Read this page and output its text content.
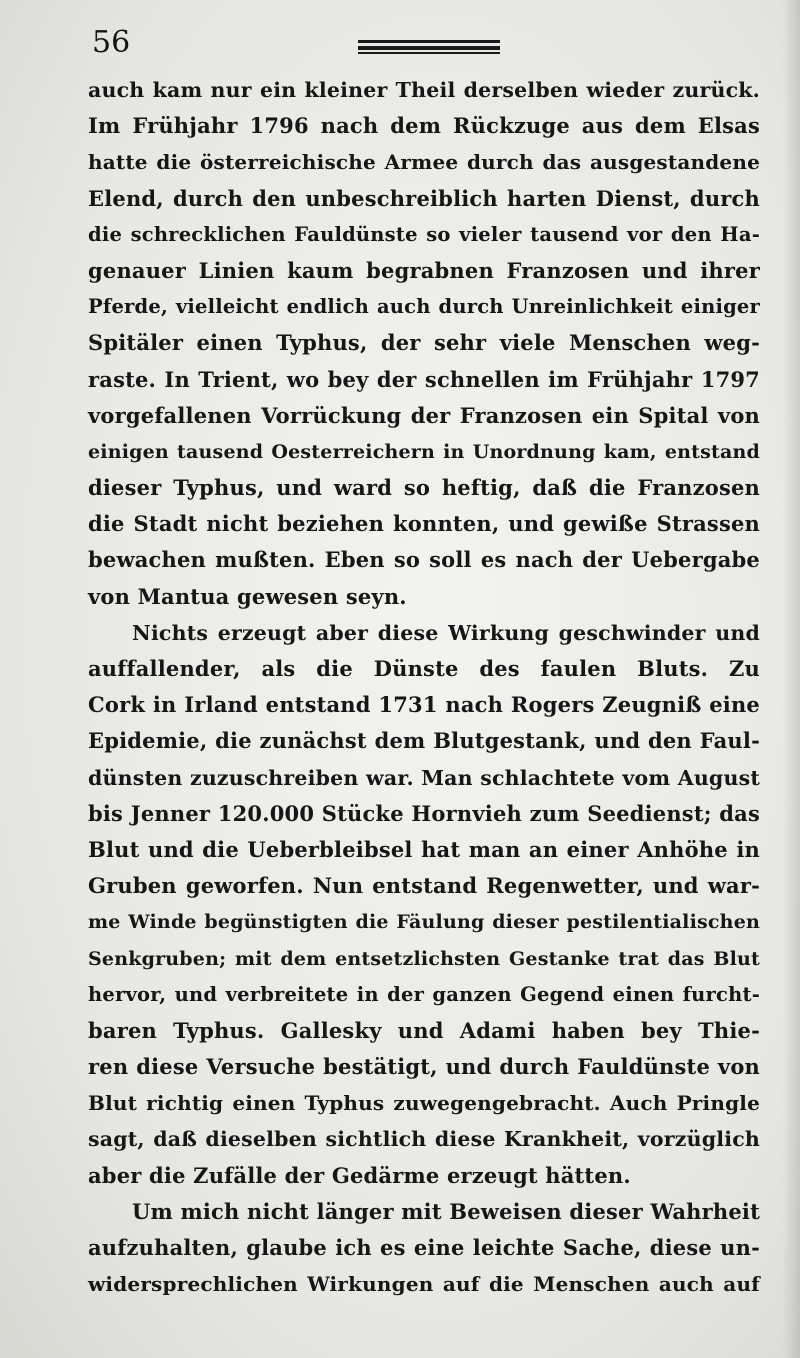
56
auch kam nur ein kleiner Theil derselben wieder zurück.
Im Frühjahr 1796 nach dem Rückzuge aus dem Elsas
hatte die österreichische Armee durch das ausgestandene
Elend, durch den unbeschreiblich harten Dienst, durch
die schrecklichen Fauldünste so vieler tausend vor den Ha-
genauer Linien kaum begrabnen Franzosen und ihrer
Pferde, vielleicht endlich auch durch Unreinlichkeit einiger
Spitäler einen Typhus, der sehr viele Menschen weg-
raste. In Trient, wo bey der schnellen im Frühjahr 1797
vorgefallenen Vorrückung der Franzosen ein Spital von
einigen tausend Oesterreichern in Unordnung kam, entstand
dieser Typhus, und ward so heftig, daß die Franzosen
die Stadt nicht beziehen konnten, und gewiße Strassen
bewachen mußten. Eben so soll es nach der Uebergabe
von Mantua gewesen seyn.
Nichts erzeugt aber diese Wirkung geschwinder und
auffallender, als die Dünste des faulen Bluts. Zu
Cork in Irland entstand 1731 nach Rogers Zeugniß eine
Epidemie, die zunächst dem Blutgestank, und den Faul-
dünsten zuzuschreiben war. Man schlachtete vom August
bis Jenner 120.000 Stücke Hornvieh zum Seedienst; das
Blut und die Ueberbleibsel hat man an einer Anhöhe in
Gruben geworfen. Nun entstand Regenwetter, und war-
me Winde begünstigten die Fäulung dieser pestilentialischen
Senkgruben; mit dem entsetzlichsten Gestanke trat das Blut
hervor, und verbreitete in der ganzen Gegend einen furcht-
baren Typhus. Gallesky und Adami haben bey Thie-
ren diese Versuche bestätigt, und durch Fauldünste von
Blut richtig einen Typhus zuwegengebracht. Auch Pringle
sagt, daß dieselben sichtlich diese Krankheit, vorzüglich
aber die Zufälle der Gedärme erzeugt hätten.
Um mich nicht länger mit Beweisen dieser Wahrheit
aufzuhalten, glaube ich es eine leichte Sache, diese un-
widersprechlichen Wirkungen auf die Menschen auch auf
